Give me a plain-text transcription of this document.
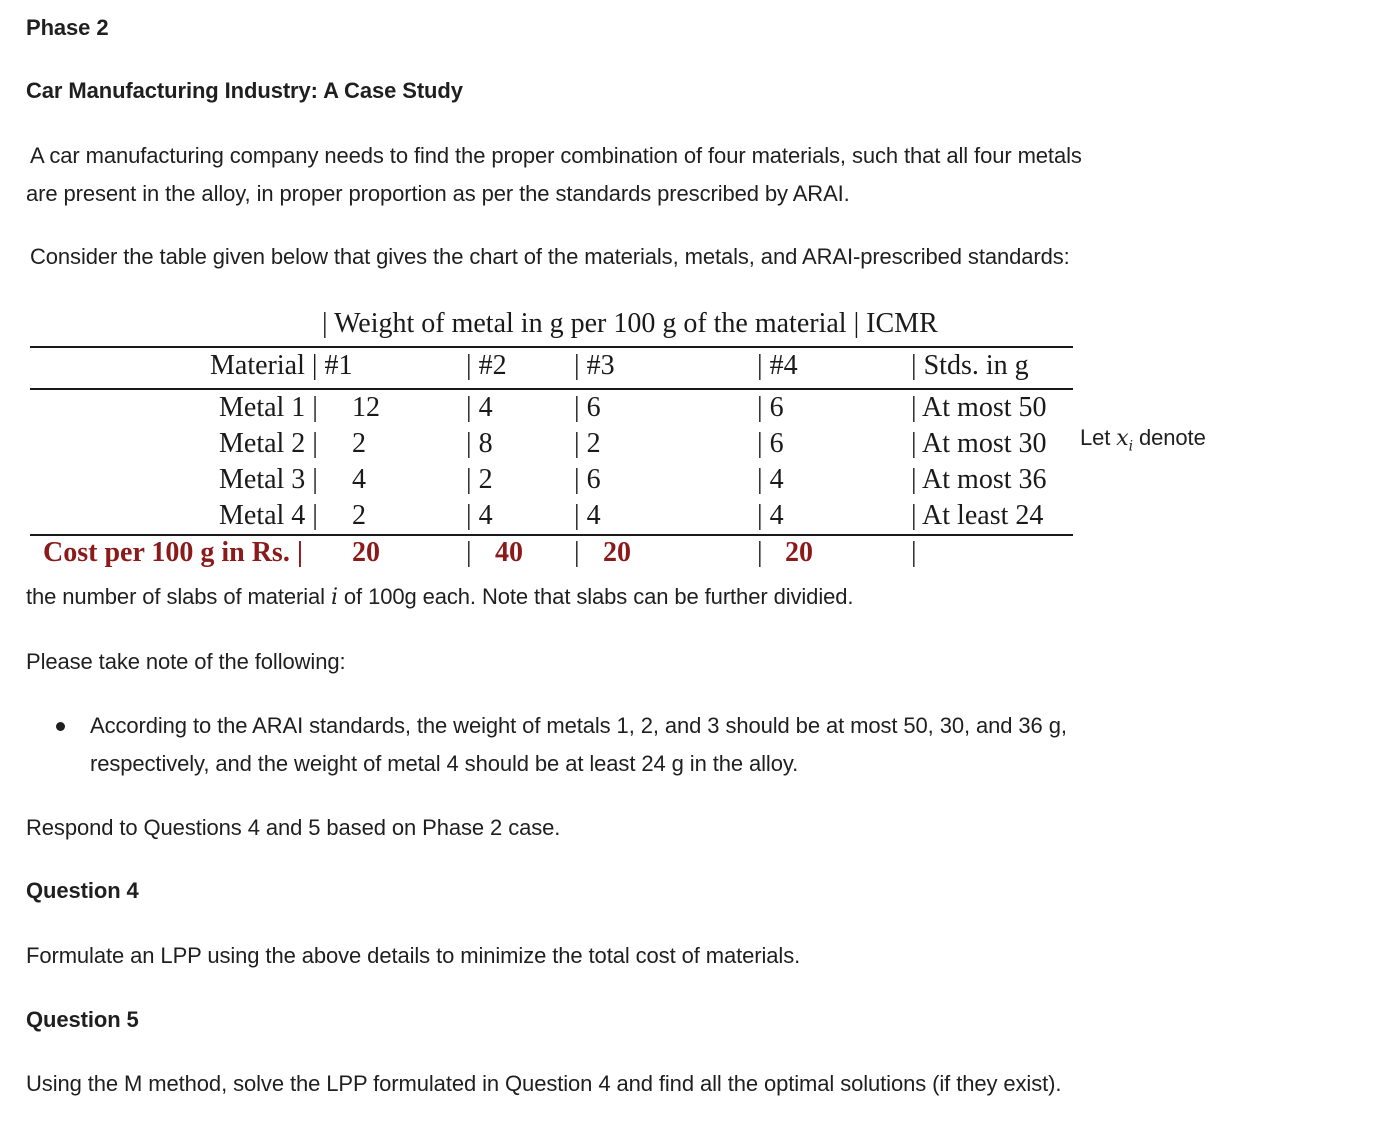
Phase 2
Car Manufacturing Industry: A Case Study
A car manufacturing company needs to find the proper combination of four materials, such that all four metals
are present in the alloy, in proper proportion as per the standards prescribed by ARAI.
Consider the table given below that gives the chart of the materials, metals, and ARAI-prescribed standards:
| Weight of metal in g per 100 g of the material | ICMR
Material | #1	| #2 | #3	| #4	| Stds. in g
Metal 1 | 12	| 4	| 6	| 6	| At most 50
Metal 2 | 2	| 8	| 2	| 6	| At most 30
Metal 3 | 4	| 2	| 6	| 4	| At most 36
Metal 4 | 2	| 4	| 4	| 4	| At least 24
Cost per 100 g in Rs. | 20	| 40 | 20	| 20	|
Let $x_i$ denote
the number of slabs of material i of 100g each. Note that slabs can be further dividied.
Please take note of the following:
According to the ARAI standards, the weight of metals 1, 2, and 3 should be at most 50, 30, and 36 g,
respectively, and the weight of metal 4 should be at least 24 g in the alloy.
Respond to Questions 4 and 5 based on Phase 2 case.
Question 4
Formulate an LPP using the above details to minimize the total cost of materials.
Question 5
Using the M method, solve the LPP formulated in Question 4 and find all the optimal solutions (if they exist).
